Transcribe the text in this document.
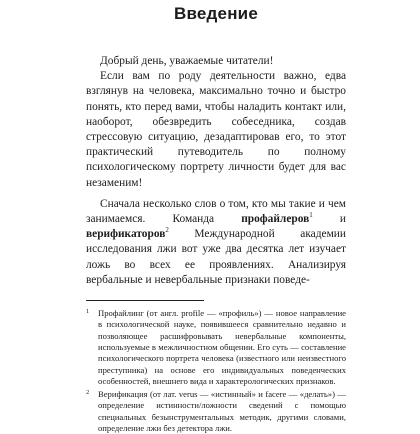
Введение

Добрый день, уважаемые читатели!

Если вам по роду деятельности важно, едва взглянув на человека, максимально точно и быстро понять, кто перед вами, чтобы наладить контакт или, наоборот, обезвредить собеседника, создав стрессовую ситуацию, дезадаптировав его, то этот практический путеводитель по полному психологическому портрету личности будет для вас незаменим!

Сначала несколько слов о том, кто мы такие и чем занимаемся. Команда профайлеров$^1$ и верификаторов$^2$ Международной академии исследования лжи вот уже два десятка лет изучает ложь во всех ее проявлениях. Анализируя вербальные и невербальные признаки поведе-

1	Профайлинг (от англ. profile — «профиль») — новое направление в психологической науке, появившееся сравнительно недавно и позволяющее расшифровывать невербальные компоненты, используемые в межличностном общении. Его суть — составление психологического портрета человека (известного или неизвестного преступника) на основе его индивидуальных поведенческих особенностей, внешнего вида и характерологических признаков.
2	Верификация (от лат. verus — «истинный» и facere — «делать») — определение истинности/ложности сведений с помощью специальных безынструментальных методик, другими словами, определение лжи без детектора лжи.
